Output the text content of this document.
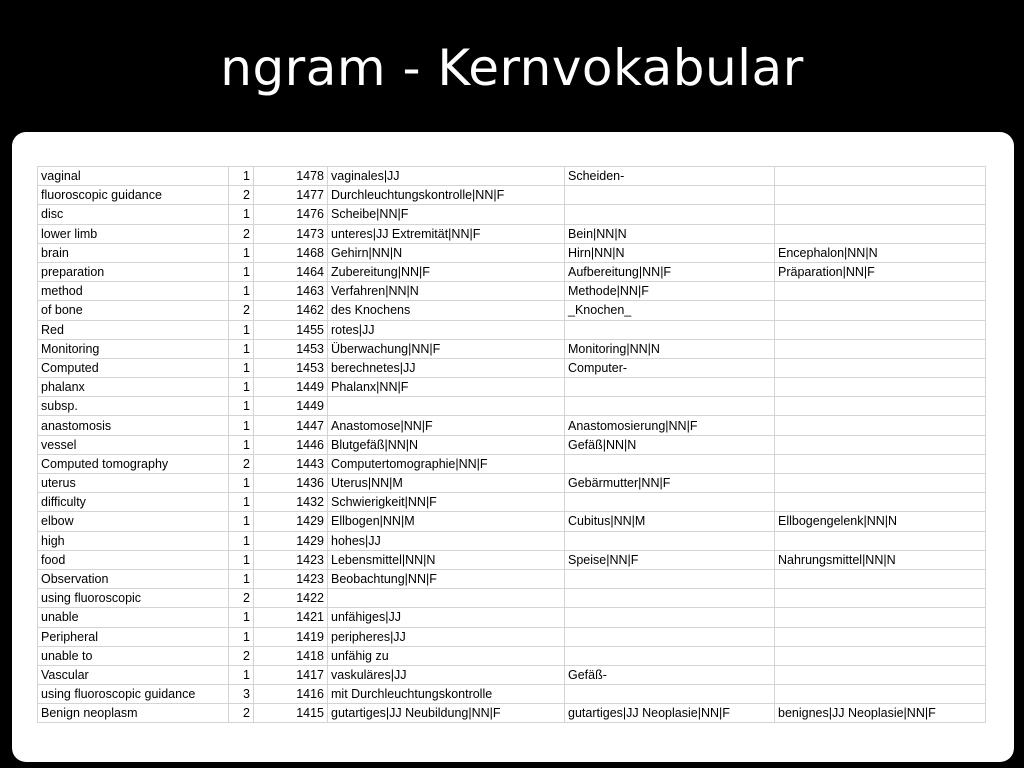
ngram - Kernvokabular
vaginal	1	1478	vaginales|JJ	Scheiden-	
fluoroscopic guidance	2	1477	Durchleuchtungskontrolle|NN|F		
disc	1	1476	Scheibe|NN|F		
lower limb	2	1473	unteres|JJ Extremität|NN|F	Bein|NN|N	
brain	1	1468	Gehirn|NN|N	Hirn|NN|N	Encephalon|NN|N
preparation	1	1464	Zubereitung|NN|F	Aufbereitung|NN|F	Präparation|NN|F
method	1	1463	Verfahren|NN|N	Methode|NN|F	
of bone	2	1462	des Knochens	_Knochen_	
Red	1	1455	rotes|JJ		
Monitoring	1	1453	Überwachung|NN|F	Monitoring|NN|N	
Computed	1	1453	berechnetes|JJ	Computer-	
phalanx	1	1449	Phalanx|NN|F		
subsp.	1	1449			
anastomosis	1	1447	Anastomose|NN|F	Anastomosierung|NN|F	
vessel	1	1446	Blutgefäß|NN|N	Gefäß|NN|N	
Computed tomography	2	1443	Computertomographie|NN|F		
uterus	1	1436	Uterus|NN|M	Gebärmutter|NN|F	
difficulty	1	1432	Schwierigkeit|NN|F		
elbow	1	1429	Ellbogen|NN|M	Cubitus|NN|M	Ellbogengelenk|NN|N
high	1	1429	hohes|JJ		
food	1	1423	Lebensmittel|NN|N	Speise|NN|F	Nahrungsmittel|NN|N
Observation	1	1423	Beobachtung|NN|F		
using fluoroscopic	2	1422			
unable	1	1421	unfähiges|JJ		
Peripheral	1	1419	peripheres|JJ		
unable to	2	1418	unfähig zu		
Vascular	1	1417	vaskuläres|JJ	Gefäß-	
using fluoroscopic guidance	3	1416	mit Durchleuchtungskontrolle		
Benign neoplasm	2	1415	gutartiges|JJ Neubildung|NN|F	gutartiges|JJ Neoplasie|NN|F	benignes|JJ Neoplasie|NN|F
